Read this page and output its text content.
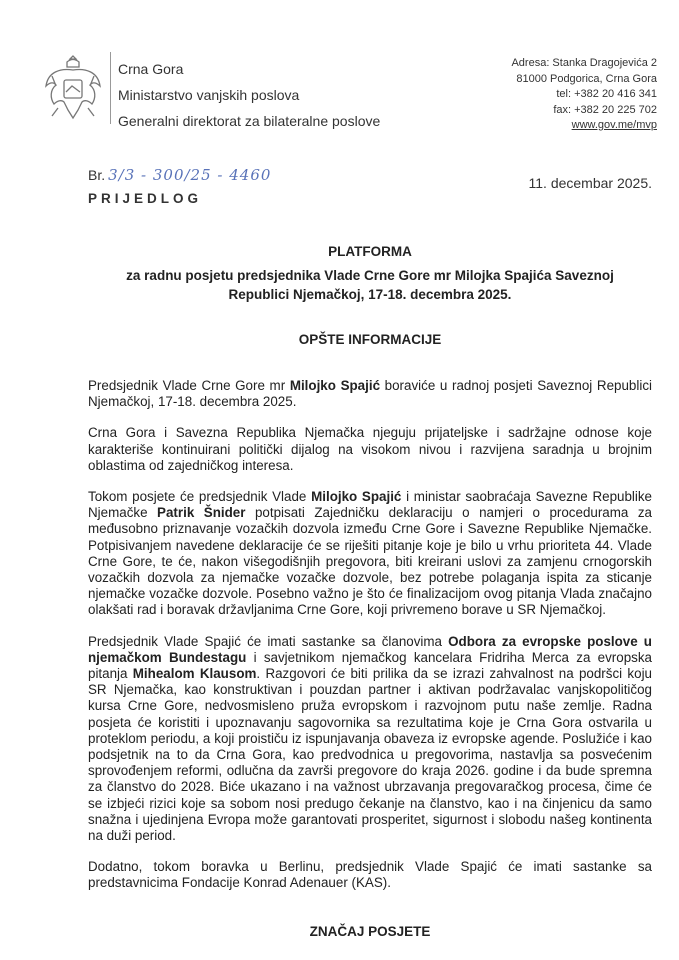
Crna Gora
Ministarstvo vanjskih poslova
Generalni direktorat za bilateralne poslove
Adresa: Stanka Dragojevića 2
81000 Podgorica, Crna Gora
tel: +382 20 416 341
fax: +382 20 225 702
www.gov.me/mvp
Br. 3/3 - 300/25 - 4460
PRIJEDLOG
11. decembar 2025.
PLATFORMA
za radnu posjetu predsjednika Vlade Crne Gore mr Milojka Spajića Saveznoj Republici Njemačkoj, 17-18. decembra 2025.
OPŠTE INFORMACIJE

Predsjednik Vlade Crne Gore mr Milojko Spajić boraviće u radnoj posjeti Saveznoj Republici Njemačkoj, 17-18. decembra 2025.

Crna Gora i Savezna Republika Njemačka njeguju prijateljske i sadržajne odnose koje karakteriše kontinuirani politički dijalog na visokom nivou i razvijena saradnja u brojnim oblastima od zajedničkog interesa.

Tokom posjete će predsjednik Vlade Milojko Spajić i ministar saobraćaja Savezne Republike Njemačke Patrik Šnider potpisati Zajedničku deklaraciju o namjeri o procedurama za međusobno priznavanje vozačkih dozvola između Crne Gore i Savezne Republike Njemačke. Potpisivanjem navedene deklaracije će se riješiti pitanje koje je bilo u vrhu prioriteta 44. Vlade Crne Gore, te će, nakon višegodišnjih pregovora, biti kreirani uslovi za zamjenu crnogorskih vozačkih dozvola za njemačke vozačke dozvole, bez potrebe polaganja ispita za sticanje njemačke vozačke dozvole. Posebno važno je što će finalizacijom ovog pitanja Vlada značajno olakšati rad i boravak državljanima Crne Gore, koji privremeno borave u SR Njemačkoj.

Predsjednik Vlade Spajić će imati sastanke sa članovima Odbora za evropske poslove u njemačkom Bundestagu i savjetnikom njemačkog kancelara Fridriha Merca za evropska pitanja Mihealom Klausom. Razgovori će biti prilika da se izrazi zahvalnost na podršci koju SR Njemačka, kao konstruktivan i pouzdan partner i aktivan podržavalac vanjskopolitičog kursa Crne Gore, nedvosmisleno pruža evropskom i razvojnom putu naše zemlje. Radna posjeta će koristiti i upoznavanju sagovornika sa rezultatima koje je Crna Gora ostvarila u proteklom periodu, a koji proističu iz ispunjavanja obaveza iz evropske agende. Poslužiće i kao podsjetnik na to da Crna Gora, kao predvodnica u pregovorima, nastavlja sa posvećenim sprovođenjem reformi, odlučna da završi pregovore do kraja 2026. godine i da bude spremna za članstvo do 2028. Biće ukazano i na važnost ubrzavanja pregovaračkog procesa, čime će se izbjeći rizici koje sa sobom nosi predugo čekanje na članstvo, kao i na činjenicu da samo snažna i ujedinjena Evropa može garantovati prosperitet, sigurnost i slobodu našeg kontinenta na duži period.

Dodatno, tokom boravka u Berlinu, predsjednik Vlade Spajić će imati sastanke sa predstavnicima Fondacije Konrad Adenauer (KAS).

ZNAČAJ POSJETE
